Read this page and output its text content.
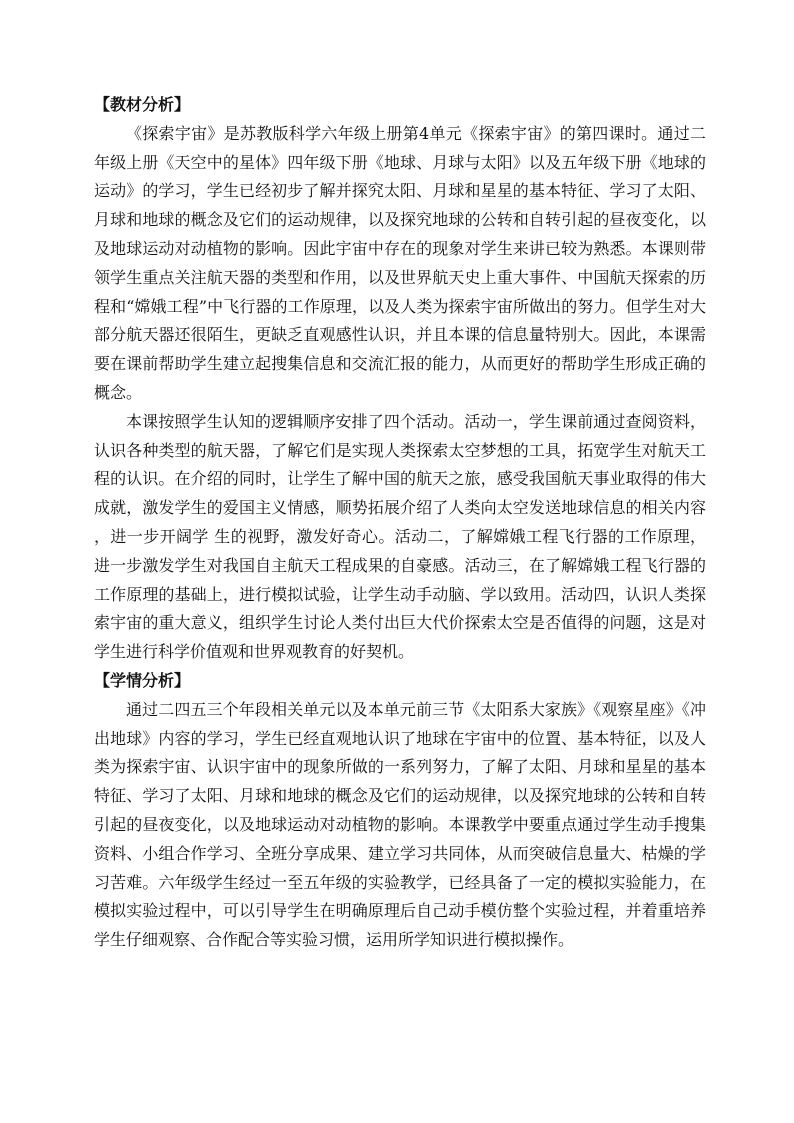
【教材分析】

《探索宇宙》是苏教版科学六年级上册第4单元《探索宇宙》的第四课时。通过二年级上册《天空中的星体》四年级下册《地球、月球与太阳》以及五年级下册《地球的运动》的学习，学生已经初步了解并探究太阳、月球和星星的基本特征、学习了太阳、月球和地球的概念及它们的运动规律，以及探究地球的公转和自转引起的昼夜变化，以及地球运动对动植物的影响。因此宇宙中存在的现象对学生来讲已较为熟悉。本课则带领学生重点关注航天器的类型和作用，以及世界航天史上重大事件、中国航天探索的历程和“嫦娥工程”中飞行器的工作原理，以及人类为探索宇宙所做出的努力。但学生对大部分航天器还很陌生，更缺乏直观感性认识，并且本课的信息量特别大。因此，本课需要在课前帮助学生建立起搜集信息和交流汇报的能力，从而更好的帮助学生形成正确的概念。

本课按照学生认知的逻辑顺序安排了四个活动。活动一，学生课前通过查阅资料，认识各种类型的航天器，了解它们是实现人类探索太空梦想的工具，拓宽学生对航天工程的认识。在介绍的同时，让学生了解中国的航天之旅，感受我国航天事业取得的伟大成就，激发学生的爱国主义情感，顺势拓展介绍了人类向太空发送地球信息的相关内容，进一步开阔学 生的视野，激发好奇心。活动二，了解嫦娥工程飞行器的工作原理，进一步激发学生对我国自主航天工程成果的自豪感。活动三，在了解嫦娥工程飞行器的工作原理的基础上，进行模拟试验，让学生动手动脑、学以致用。活动四，认识人类探索宇宙的重大意义，组织学生讨论人类付出巨大代价探索太空是否值得的问题，这是对学生进行科学价值观和世界观教育的好契机。

【学情分析】

通过二四五三个年段相关单元以及本单元前三节《太阳系大家族》《观察星座》《冲出地球》内容的学习，学生已经直观地认识了地球在宇宙中的位置、基本特征，以及人类为探索宇宙、认识宇宙中的现象所做的一系列努力，了解了太阳、月球和星星的基本特征、学习了太阳、月球和地球的概念及它们的运动规律，以及探究地球的公转和自转引起的昼夜变化，以及地球运动对动植物的影响。本课教学中要重点通过学生动手搜集资料、小组合作学习、全班分享成果、建立学习共同体，从而突破信息量大、枯燥的学习苦难。六年级学生经过一至五年级的实验教学，已经具备了一定的模拟实验能力，在模拟实验过程中，可以引导学生在明确原理后自己动手模仿整个实验过程，并着重培养学生仔细观察、合作配合等实验习惯，运用所学知识进行模拟操作。
